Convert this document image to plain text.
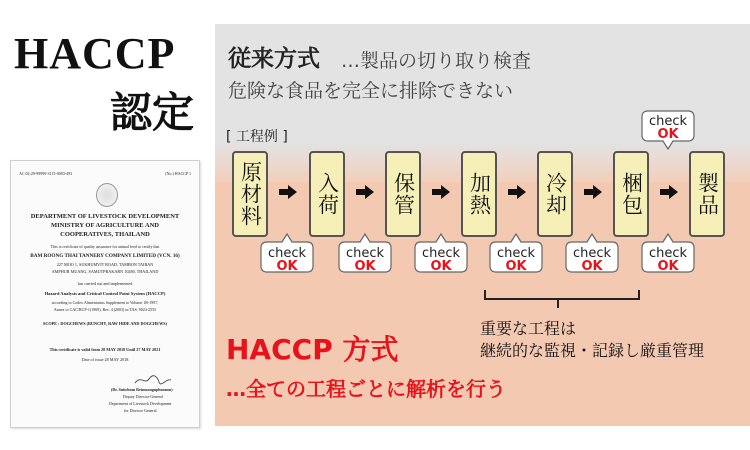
HACCP
認定
AC 02-29-99999-3115-0003-493	(No.) HACCP 1
DEPARTMENT OF LIVESTOCK DEVELOPMENT
MINISTRY OF AGRICULTURE AND
COOPERATIVES, THAILAND
This is certificate of quality assurance for animal feed to certify that
BAM ROONG THAI TANNERY COMPANY LIMITED (VCN. 16)
227 MOO 1, SUKHUMVIT ROAD, TAMBON TAIBAN
AMPHUR MUANG, SAMUTPRAKARN 10280, THAILAND
has carried out and implemented
Hazard Analysis and Critical Control Point System (HACCP)
according to Codex Alimentarius Supplement to Volume 1B-1997,
Annex to CAC/RCP-1(1969), Rev. 4 (2003) in TAS: 9024-2555
SCOPE : DOGCHEWS (RUNCHY, RAW HIDE AND DOGCHEWS)
This certificate is valid from 28 MAY 2018 Until 27 MAY 2021
Date of issue 28 MAY 2018
(Dr. Sutichum Retmuonguphannon)
Deputy Director-General
Department of Livestock Development
for Director General
従来方式 …製品の切り取り検査
危険な食品を完全に排除できない
[ 工程例 ]
原材料	入荷 保管 加熱 冷却 梱包 製品
check
OK
check
OK
check
OK
check
OK
check
OK
check
OK
check
OK
重要な工程は
継続的な監視・記録し厳重管理
HACCP 方式
…全ての工程ごとに解析を行う
